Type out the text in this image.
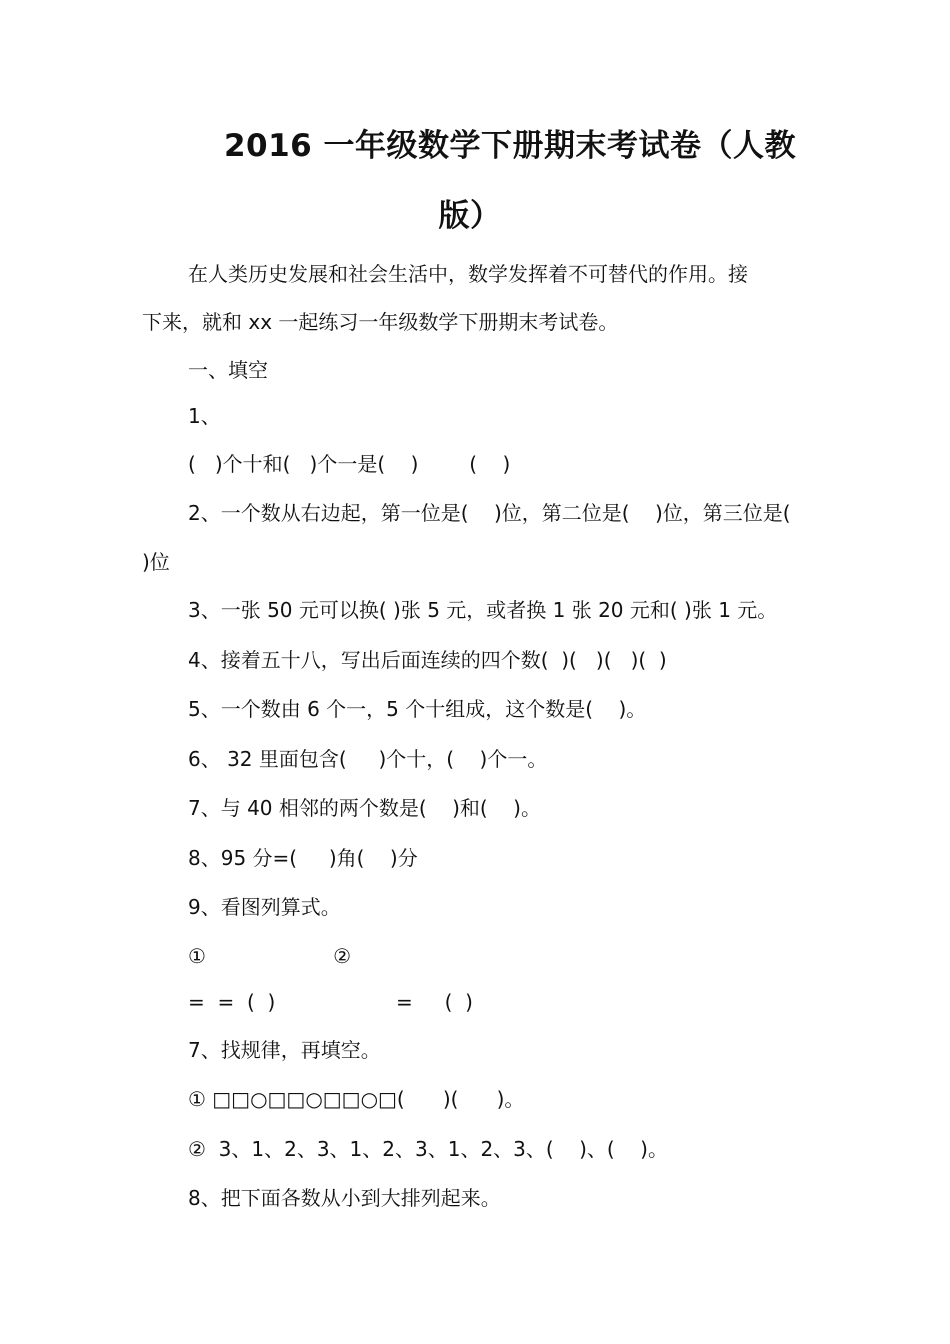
2016 一年级数学下册期末考试卷（人教
版）
在人类历史发展和社会生活中，数学发挥着不可替代的作用。接
下来，就和 xx 一起练习一年级数学下册期末考试卷。
一、填空
1、
(   )个十和(   )个一是(    )        (    )
2、一个数从右边起，第一位是(    )位，第二位是(    )位，第三位是(
)位
3、一张 50 元可以换( )张 5 元，或者换 1 张 20 元和( )张 1 元。
4、接着五十八，写出后面连续的四个数(  )(   )(   )(  )
5、一个数由 6 个一，5 个十组成，这个数是(    )。
6、 32 里面包含(     )个十，(    )个一。
7、与 40 相邻的两个数是(    )和(    )。
8、95 分=(     )角(    )分
9、看图列算式。
①                    ②
=  =  (  )                   =     (  )
7、找规律，再填空。
① □□○□□○□□○□(      )(      )。
②  3、1、2、3、1、2、3、1、2、3、(    )、(    )。
8、把下面各数从小到大排列起来。
